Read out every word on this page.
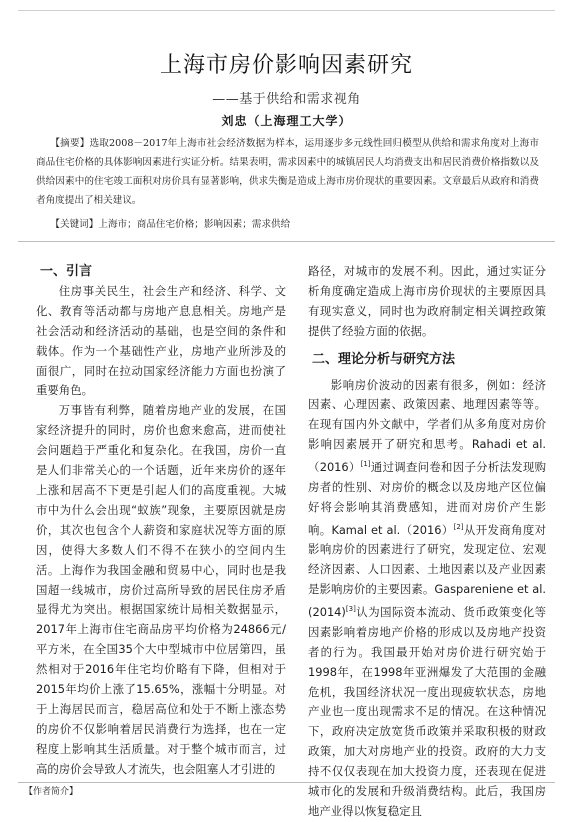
上海市房价影响因素研究
——基于供给和需求视角
刘忠（上海理工大学）

【摘要】选取2008－2017年上海市社会经济数据为样本，运用逐步多元线性回归模型从供给和需求角度对上海市商品住宅价格的具体影响因素进行实证分析。结果表明，需求因素中的城镇居民人均消费支出和居民消费价格指数以及供给因素中的住宅竣工面积对房价具有显著影响，供求失衡是造成上海市房价现状的重要因素。文章最后从政府和消费者角度提出了相关建议。

【关键词】上海市；商品住宅价格；影响因素；需求供给
一、引言

住房事关民生，社会生产和经济、科学、文化、教育等活动都与房地产息息相关。房地产是社会活动和经济活动的基础，也是空间的条件和载体。作为一个基础性产业，房地产业所涉及的面很广，同时在拉动国家经济能力方面也扮演了重要角色。

万事皆有利弊，随着房地产业的发展，在国家经济提升的同时，房价也愈来愈高，进而使社会问题趋于严重化和复杂化。在我国，房价一直是人们非常关心的一个话题，近年来房价的逐年上涨和居高不下更是引起人们的高度重视。大城市中为什么会出现“蚁族”现象，主要原因就是房价，其次也包含个人薪资和家庭状况等方面的原因，使得大多数人们不得不在狭小的空间内生活。上海作为我国金融和贸易中心，同时也是我国超一线城市，房价过高所导致的居民住房矛盾显得尤为突出。根据国家统计局相关数据显示，2017年上海市住宅商品房平均价格为24866元/平方米，在全国35个大中型城市中位居第四，虽然相对于2016年住宅均价略有下降，但相对于2015年均价上涨了15.65%，涨幅十分明显。对于上海居民而言，稳居高位和处于不断上涨态势的房价不仅影响着居民消费行为选择，也在一定程度上影响其生活质量。对于整个城市而言，过高的房价会导致人才流失，也会阻塞人才引进的

路径，对城市的发展不利。因此，通过实证分析角度确定造成上海市房价现状的主要原因具有现实意义，同时也为政府制定相关调控政策提供了经验方面的依据。

二、理论分析与研究方法

影响房价波动的因素有很多，例如：经济因素、心理因素、政策因素、地理因素等等。在现有国内外文献中，学者们从多角度对房价影响因素展开了研究和思考。Rahadi et al.（2016）[1]通过调查问卷和因子分析法发现购房者的性别、对房价的概念以及房地产区位偏好将会影响其消费感知，进而对房价产生影响。Kamal et al.（2016）[2]从开发商角度对影响房价的因素进行了研究，发现定位、宏观经济因素、人口因素、土地因素以及产业因素是影响房价的主要因素。Gaspareniene et al.(2014)[3]认为国际资本流动、货币政策变化等因素影响着房地产价格的形成以及房地产投资者的行为。我国最开始对房价进行研究始于1998年，在1998年亚洲爆发了大范围的金融危机，我国经济状况一度出现疲软状态，房地产业也一度出现需求不足的情况。在这种情况下，政府决定放宽货币政策并采取积极的财政政策，加大对房地产业的投资。政府的大力支持不仅仅表现在加大投资力度，还表现在促进城市化的发展和升级消费结构。此后，我国房地产业得以恢复稳定且

【作者简介】
